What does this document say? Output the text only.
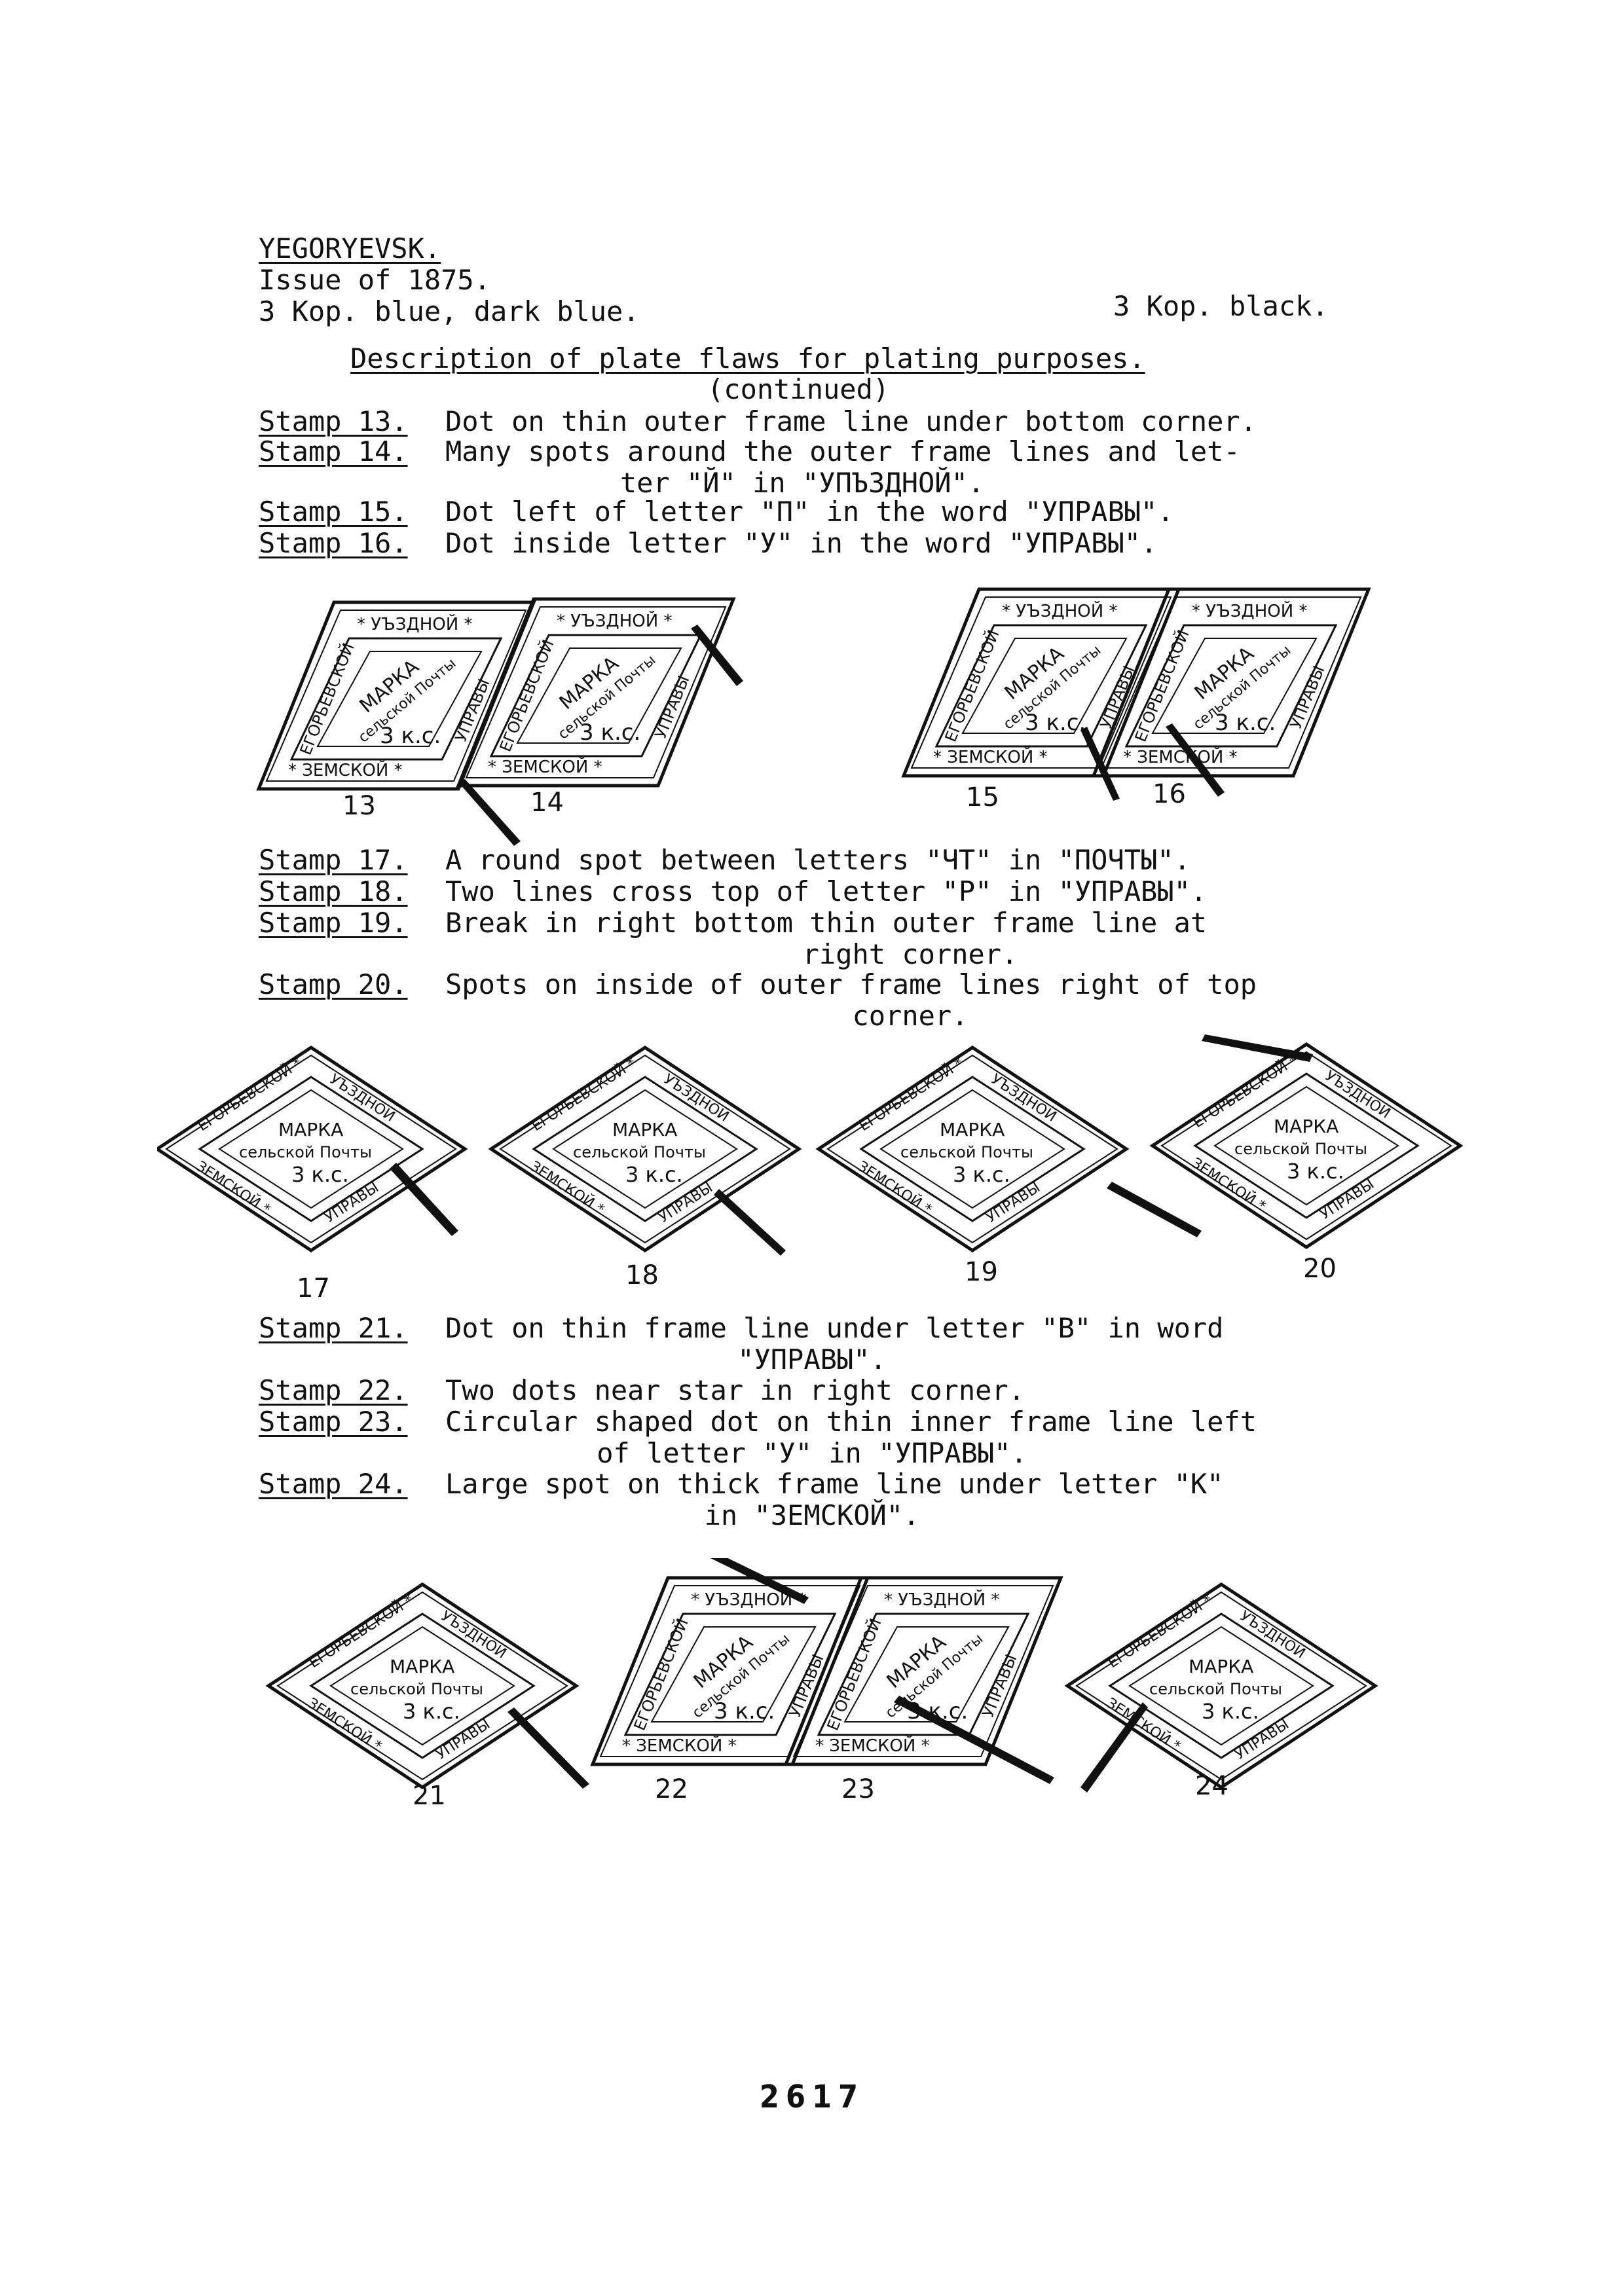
YEGORYEVSK.
Issue of 1875.
3 Kop. blue, dark blue.	3 Kop. black.
Description of plate flaws for plating purposes.
(continued)
Stamp 13. Dot on thin outer frame line under bottom corner.
Stamp 14. Many spots around the outer frame lines and let-
ter "Й" in "УПЪЗДНОЙ".
Stamp 15. Dot left of letter "П" in the word "УПРАВЫ".
Stamp 16. Dot inside letter "У" in the word "УПРАВЫ".
13	14	15	16
Stamp 17. A round spot between letters "ЧТ" in "ПОЧТЫ".
Stamp 18. Two lines cross top of letter "Р" in "УПРАВЫ".
Stamp 19. Break in right bottom thin outer frame line at
right corner.
Stamp 20. Spots on inside of outer frame lines right of top
corner.
17	18	19	20
Stamp 21. Dot on thin frame line under letter "В" in word
"УПРАВЫ".
Stamp 22. Two dots near star in right corner.
Stamp 23. Circular shaped dot on thin inner frame line left
of letter "У" in "УПРАВЫ".
Stamp 24. Large spot on thick frame line under letter "К"
in "ЗЕМСКОЙ".
21	22	23	24
2617
